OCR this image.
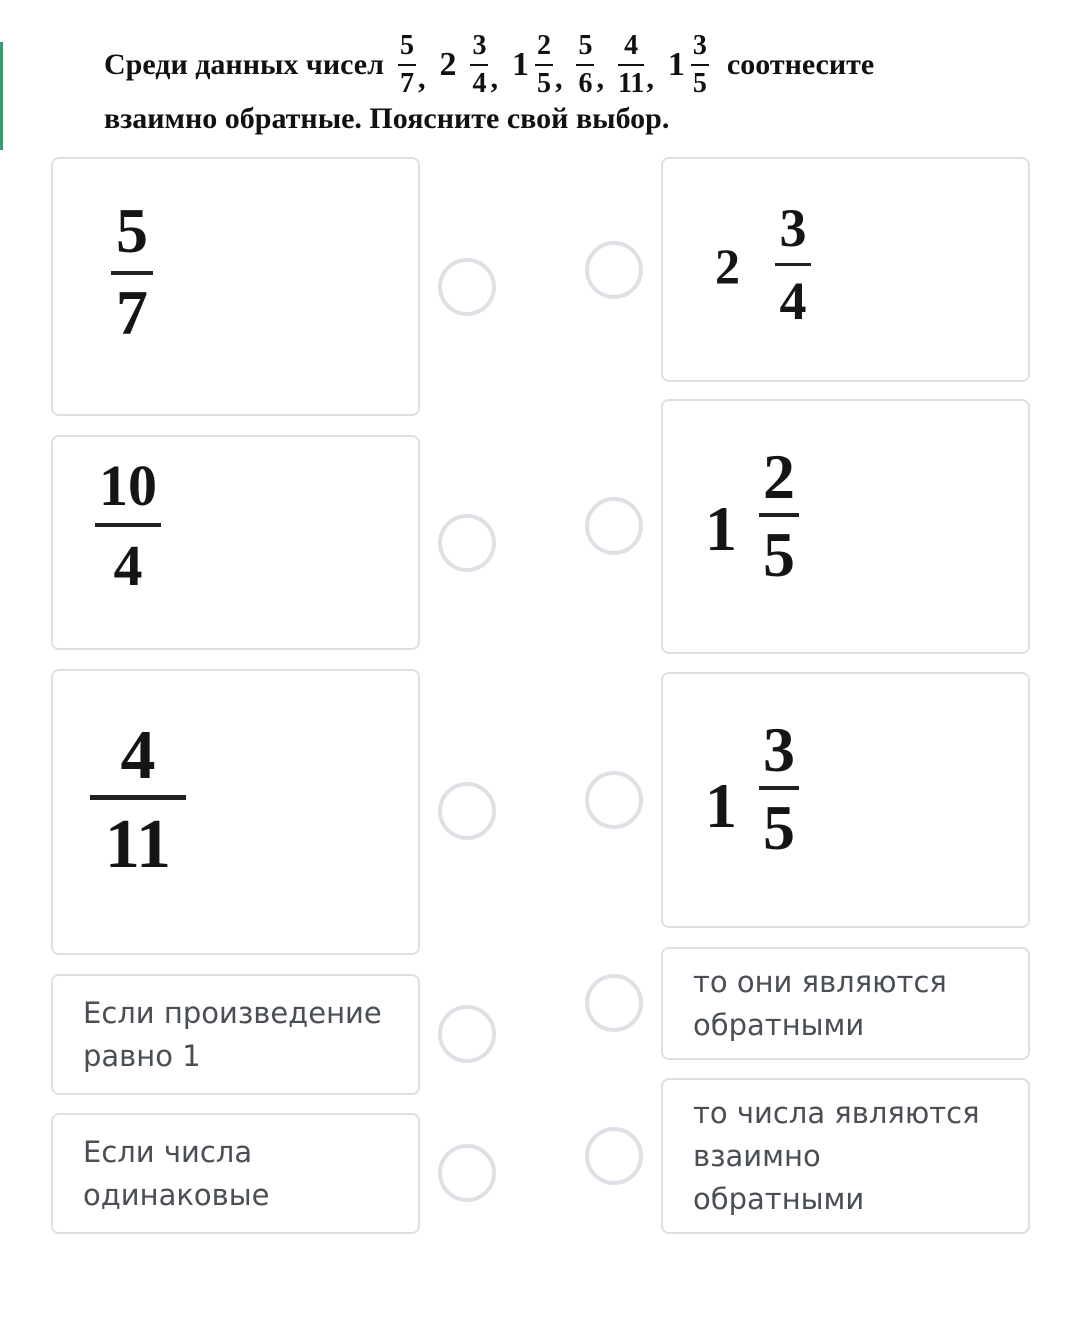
Среди данных чисел
5
7 , 2
3
4 , 1
2
5 ,
5
6 ,
4
11 , 1
3
5
соотнесите
взаимно обратные. Поясните свой выбор.
5
7
10
4
4
11
Если произведение равно 1
Если числа одинаковые
2
3
4
1
2
5
1
3
5
то они являются обратными
то числа являются взаимно обратными
